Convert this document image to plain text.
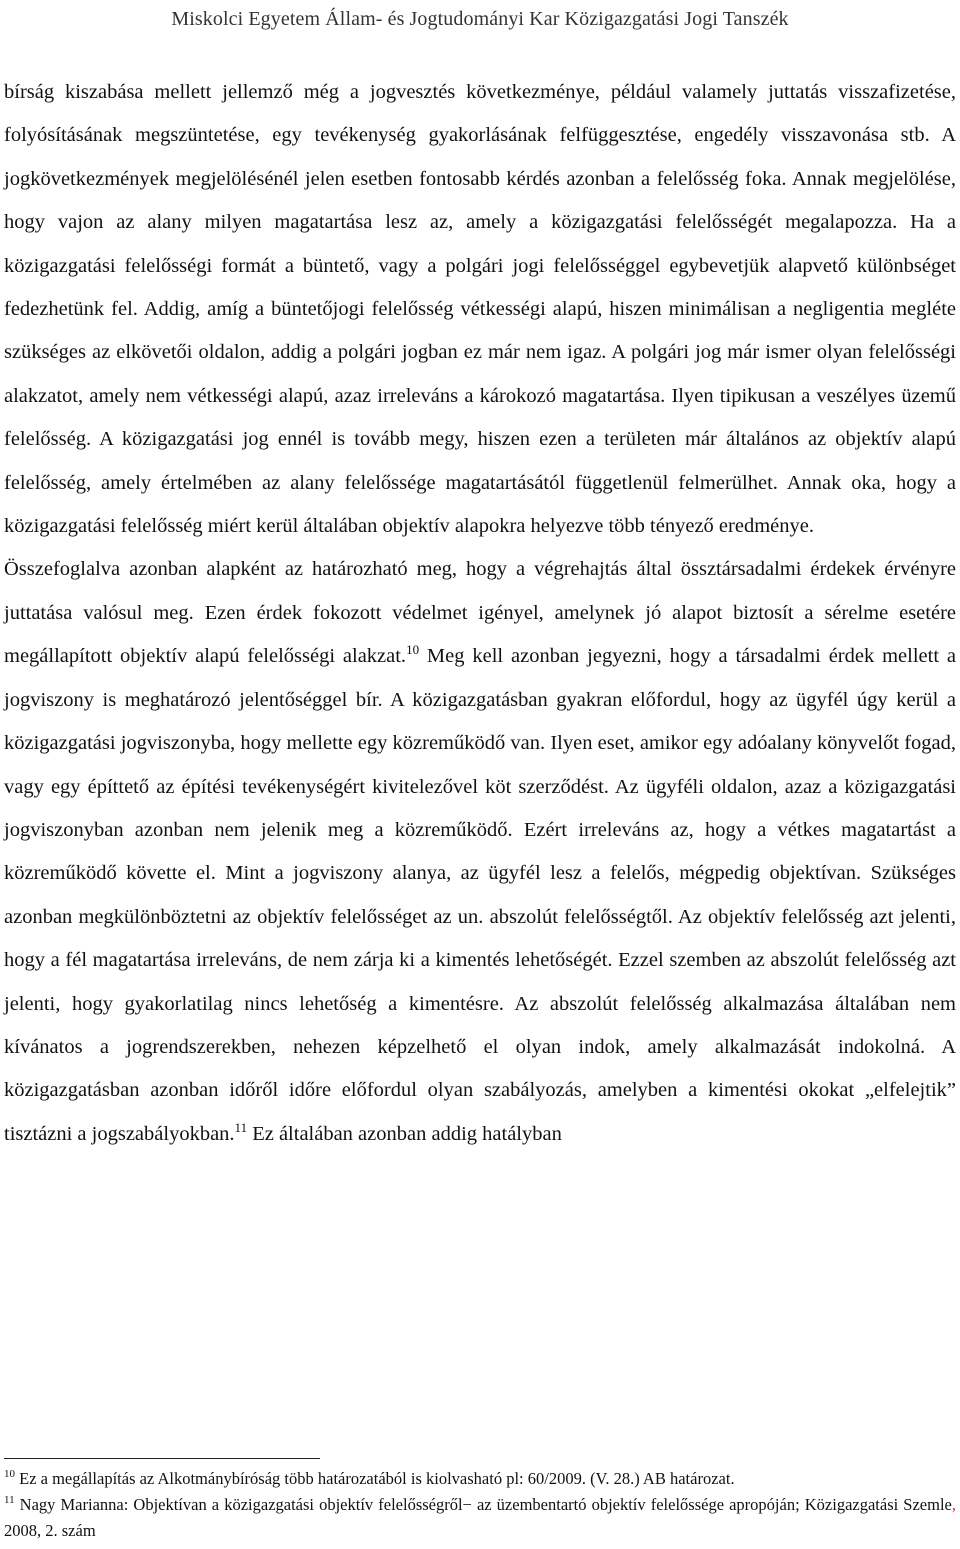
Miskolci Egyetem Állam- és Jogtudományi Kar Közigazgatási Jogi Tanszék

bírság kiszabása mellett jellemző még a jogvesztés következménye, például valamely juttatás visszafizetése, folyósításának megszüntetése, egy tevékenység gyakorlásának felfüggesztése, engedély visszavonása stb. A jogkövetkezmények megjelölésénél jelen esetben fontosabb kérdés azonban a felelősség foka. Annak megjelölése, hogy vajon az alany milyen magatartása lesz az, amely a közigazgatási felelősségét megalapozza. Ha a közigazgatási felelősségi formát a büntető, vagy a polgári jogi felelősséggel egybevetjük alapvető különbséget fedezhetünk fel. Addig, amíg a büntetőjogi felelősség vétkességi alapú, hiszen minimálisan a negligentia megléte szükséges az elkövetői oldalon, addig a polgári jogban ez már nem igaz. A polgári jog már ismer olyan felelősségi alakzatot, amely nem vétkességi alapú, azaz irreleváns a károkozó magatartása. Ilyen tipikusan a veszélyes üzemű felelősség. A közigazgatási jog ennél is tovább megy, hiszen ezen a területen már általános az objektív alapú felelősség, amely értelmében az alany felelőssége magatartásától függetlenül felmerülhet. Annak oka, hogy a közigazgatási felelősség miért kerül általában objektív alapokra helyezve több tényező eredménye.

Összefoglalva azonban alapként az határozható meg, hogy a végrehajtás által össztársadalmi érdekek érvényre juttatása valósul meg. Ezen érdek fokozott védelmet igényel, amelynek jó alapot biztosít a sérelme esetére megállapított objektív alapú felelősségi alakzat.$^{10}$ Meg kell azonban jegyezni, hogy a társadalmi érdek mellett a jogviszony is meghatározó jelentőséggel bír. A közigazgatásban gyakran előfordul, hogy az ügyfél úgy kerül a közigazgatási jogviszonyba, hogy mellette egy közreműködő van. Ilyen eset, amikor egy adóalany könyvelőt fogad, vagy egy építtető az építési tevékenységért kivitelezővel köt szerződést. Az ügyféli oldalon, azaz a közigazgatási jogviszonyban azonban nem jelenik meg a közreműködő. Ezért irreleváns az, hogy a vétkes magatartást a közreműködő követte el. Mint a jogviszony alanya, az ügyfél lesz a felelős, mégpedig objektívan. Szükséges azonban megkülönböztetni az objektív felelősséget az un. abszolút felelősségtől. Az objektív felelősség azt jelenti, hogy a fél magatartása irreleváns, de nem zárja ki a kimentés lehetőségét. Ezzel szemben az abszolút felelősség azt jelenti, hogy gyakorlatilag nincs lehetőség a kimentésre. Az abszolút felelősség alkalmazása általában nem kívánatos a jogrendszerekben, nehezen képzelhető el olyan indok, amely alkalmazását indokolná. A közigazgatásban azonban időről időre előfordul olyan szabályozás, amelyben a kimentési okokat „elfelejtik” tisztázni a jogszabályokban.$^{11}$ Ez általában azonban addig hatályban

$^{10}$ Ez a megállapítás az Alkotmánybíróság több határozatából is kiolvasható pl: 60/2009. (V. 28.) AB határozat.

$^{11}$ Nagy Marianna: Objektívan a közigazgatási objektív felelősségről− az üzembentartó objektív felelőssége apropóján; Közigazgatási Szemle, 2008, 2. szám
